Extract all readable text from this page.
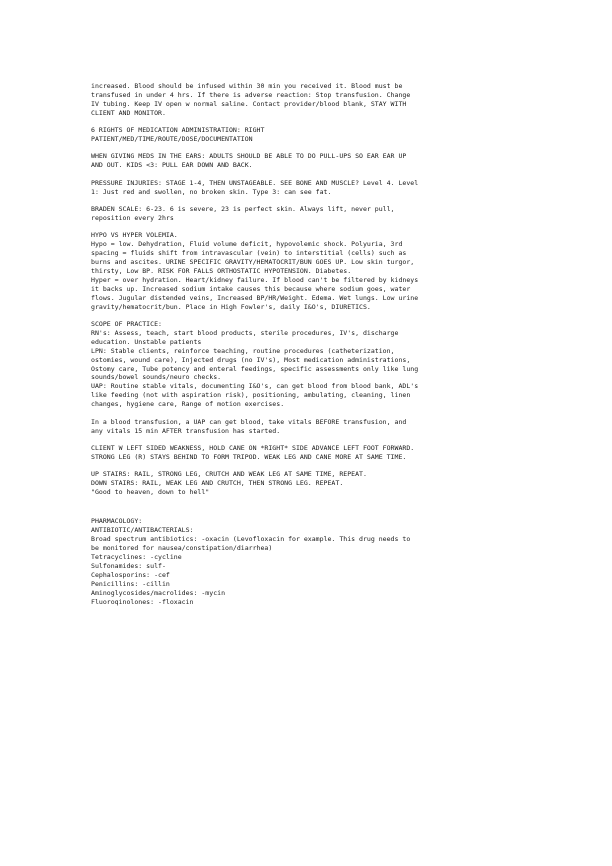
increased. Blood should be infused within 30 min you received it. Blood must be
transfused in under 4 hrs. If there is adverse reaction: Stop transfusion. Change
IV tubing. Keep IV open w normal saline. Contact provider/blood blank, STAY WITH
CLIENT AND MONITOR.
6 RIGHTS OF MEDICATION ADMINISTRATION: RIGHT
PATIENT/MED/TIME/ROUTE/DOSE/DOCUMENTATION
WHEN GIVING MEDS IN THE EARS: ADULTS SHOULD BE ABLE TO DO PULL-UPS SO EAR EAR UP
AND OUT. KIDS <3: PULL EAR DOWN AND BACK.
PRESSURE INJURIES: STAGE 1-4, THEN UNSTAGEABLE. SEE BONE AND MUSCLE? Level 4. Level
1: Just red and swollen, no broken skin. Type 3: can see fat.
BRADEN SCALE: 6-23. 6 is severe, 23 is perfect skin. Always lift, never pull,
reposition every 2hrs
HYPO VS HYPER VOLEMIA.
Hypo = low. Dehydration, Fluid volume deficit, hypovolemic shock. Polyuria, 3rd
spacing = fluids shift from intravascular (vein) to interstitial (cells) such as
burns and ascites. URINE SPECIFIC GRAVITY/HEMATOCRIT/BUN GOES UP. Low skin turgor,
thirsty, Low BP. RISK FOR FALLS ORTHOSTATIC HYPOTENSION. Diabetes.
Hyper = over hydration. Heart/kidney failure. If blood can't be filtered by kidneys
it backs up. Increased sodium intake causes this because where sodium goes, water
flows. Jugular distended veins, Increased BP/HR/Weight. Edema. Wet lungs. Low urine
gravity/hematocrit/bun. Place in High Fowler's, daily I&O's, DIURETICS.
SCOPE OF PRACTICE:
RN's: Assess, teach, start blood products, sterile procedures, IV's, discharge
education. Unstable patients
LPN: Stable clients, reinforce teaching, routine procedures (catheterization,
ostomies, wound care), Injected drugs (no IV's), Most medication administrations,
Ostomy care, Tube potency and enteral feedings, specific assessments only like lung
sounds/bowel sounds/neuro checks.
UAP: Routine stable vitals, documenting I&O's, can get blood from blood bank, ADL's
like feeding (not with aspiration risk), positioning, ambulating, cleaning, linen
changes, hygiene care, Range of motion exercises.
In a blood transfusion, a UAP can get blood, take vitals BEFORE transfusion, and
any vitals 15 min AFTER transfusion has started.
CLIENT W LEFT SIDED WEAKNESS, HOLD CANE ON *RIGHT* SIDE ADVANCE LEFT FOOT FORWARD.
STRONG LEG (R) STAYS BEHIND TO FORM TRIPOD. WEAK LEG AND CANE MORE AT SAME TIME.
UP STAIRS: RAIL, STRONG LEG, CRUTCH AND WEAK LEG AT SAME TIME, REPEAT.
DOWN STAIRS: RAIL, WEAK LEG AND CRUTCH, THEN STRONG LEG. REPEAT.
"Good to heaven, down to hell"
PHARMACOLOGY:
ANTIBIOTIC/ANTIBACTERIALS:
Broad spectrum antibiotics: -oxacin (Levofloxacin for example. This drug needs to
be monitored for nausea/constipation/diarrhea)
Tetracyclines: -cycline
Sulfonamides: sulf-
Cephalosporins: -cef
Penicillins: -cillin
Aminoglycosides/macrolides: -mycin
Fluoroqinolones: -floxacin
